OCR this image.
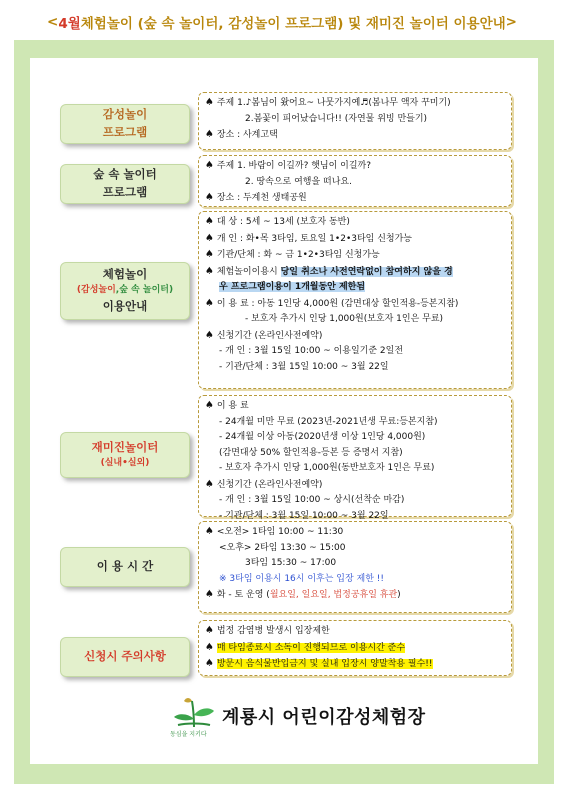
< 4월 체험놀이 (숲 속 놀이터, 감성놀이 프로그램) 및 재미진 놀이터 이용안내 >
감성놀이
프로그램
♠ 주제 1.♪봄님이 왔어요~ 나뭇가지예♬(봄나무 액자 꾸미기)
2.봄꽃이 피어났습니다!! (자연물 위빙 만들기)
♠ 장소 : 사계고택
숲 속 놀이터
프로그램
♠ 주제 1. 바람이 이길까? 햇님이 이길까?
2. 땅속으로 여행을 떠나요.
♠ 장소 : 두계천 생태공원
체험놀이
(감성놀이,숲 속 놀이터)
이용안내
♠ 대 상 : 5세 ~ 13세 (보호자 동반)
♠ 개 인 : 화•목 3타임, 토요일 1•2•3타임 신청가능
♠ 기관/단체 : 화 ~ 금 1•2•3타임 신청가능
♠ 체험놀이이용시 당일 취소나 사전연락없이 참여하지 않을 경
우 프로그램이용이 1개월동안 제한됨
♠ 이 용 료 : 아동 1인당 4,000원 (감면대상 할인적용-등본지참)
- 보호자 추가시 인당 1,000원(보호자 1인은 무료)
♠ 신청기간 (온라인사전예약)
- 개 인 : 3월 15일 10:00 ~ 이용일기준 2일전
- 기관/단체 : 3월 15일 10:00 ~ 3월 22일
재미진놀이터
(실내•실외)
♠ 이 용 료
- 24개월 미만 무료 (2023년-2021년생 무료:등본지참)
- 24개월 이상 아동(2020년생 이상 1인당 4,000원)
(감면대상 50% 할인적용-등본 등 증명서 지참)
- 보호자 추가시 인당 1,000원(동반보호자 1인은 무료)
♠ 신청기간 (온라인사전예약)
- 개 인 : 3월 15일 10:00 ~ 상시(선착순 마감)
- 기관/단체 : 3월 15일 10:00 ~ 3월 22일
이 용 시 간
♠ <오전> 1타임 10:00 ~ 11:30
<오후> 2타임 13:30 ~ 15:00
3타임 15:30 ~ 17:00
※ 3타임 이용시 16시 이후는 입장 제한 !!
♠ 화 - 토 운영 (월요일, 일요일, 법정공휴일 휴관)
신청시 주의사항
♠ 법정 감염병 발생시 입장제한
♠ 매 타임종료시 소독이 진행되므로 이용시간 준수
♠ 방문시 음식물반입금지 및 실내 입장시 양말착용 필수!!
동심을 지키다
계룡시 어린이감성체험장
